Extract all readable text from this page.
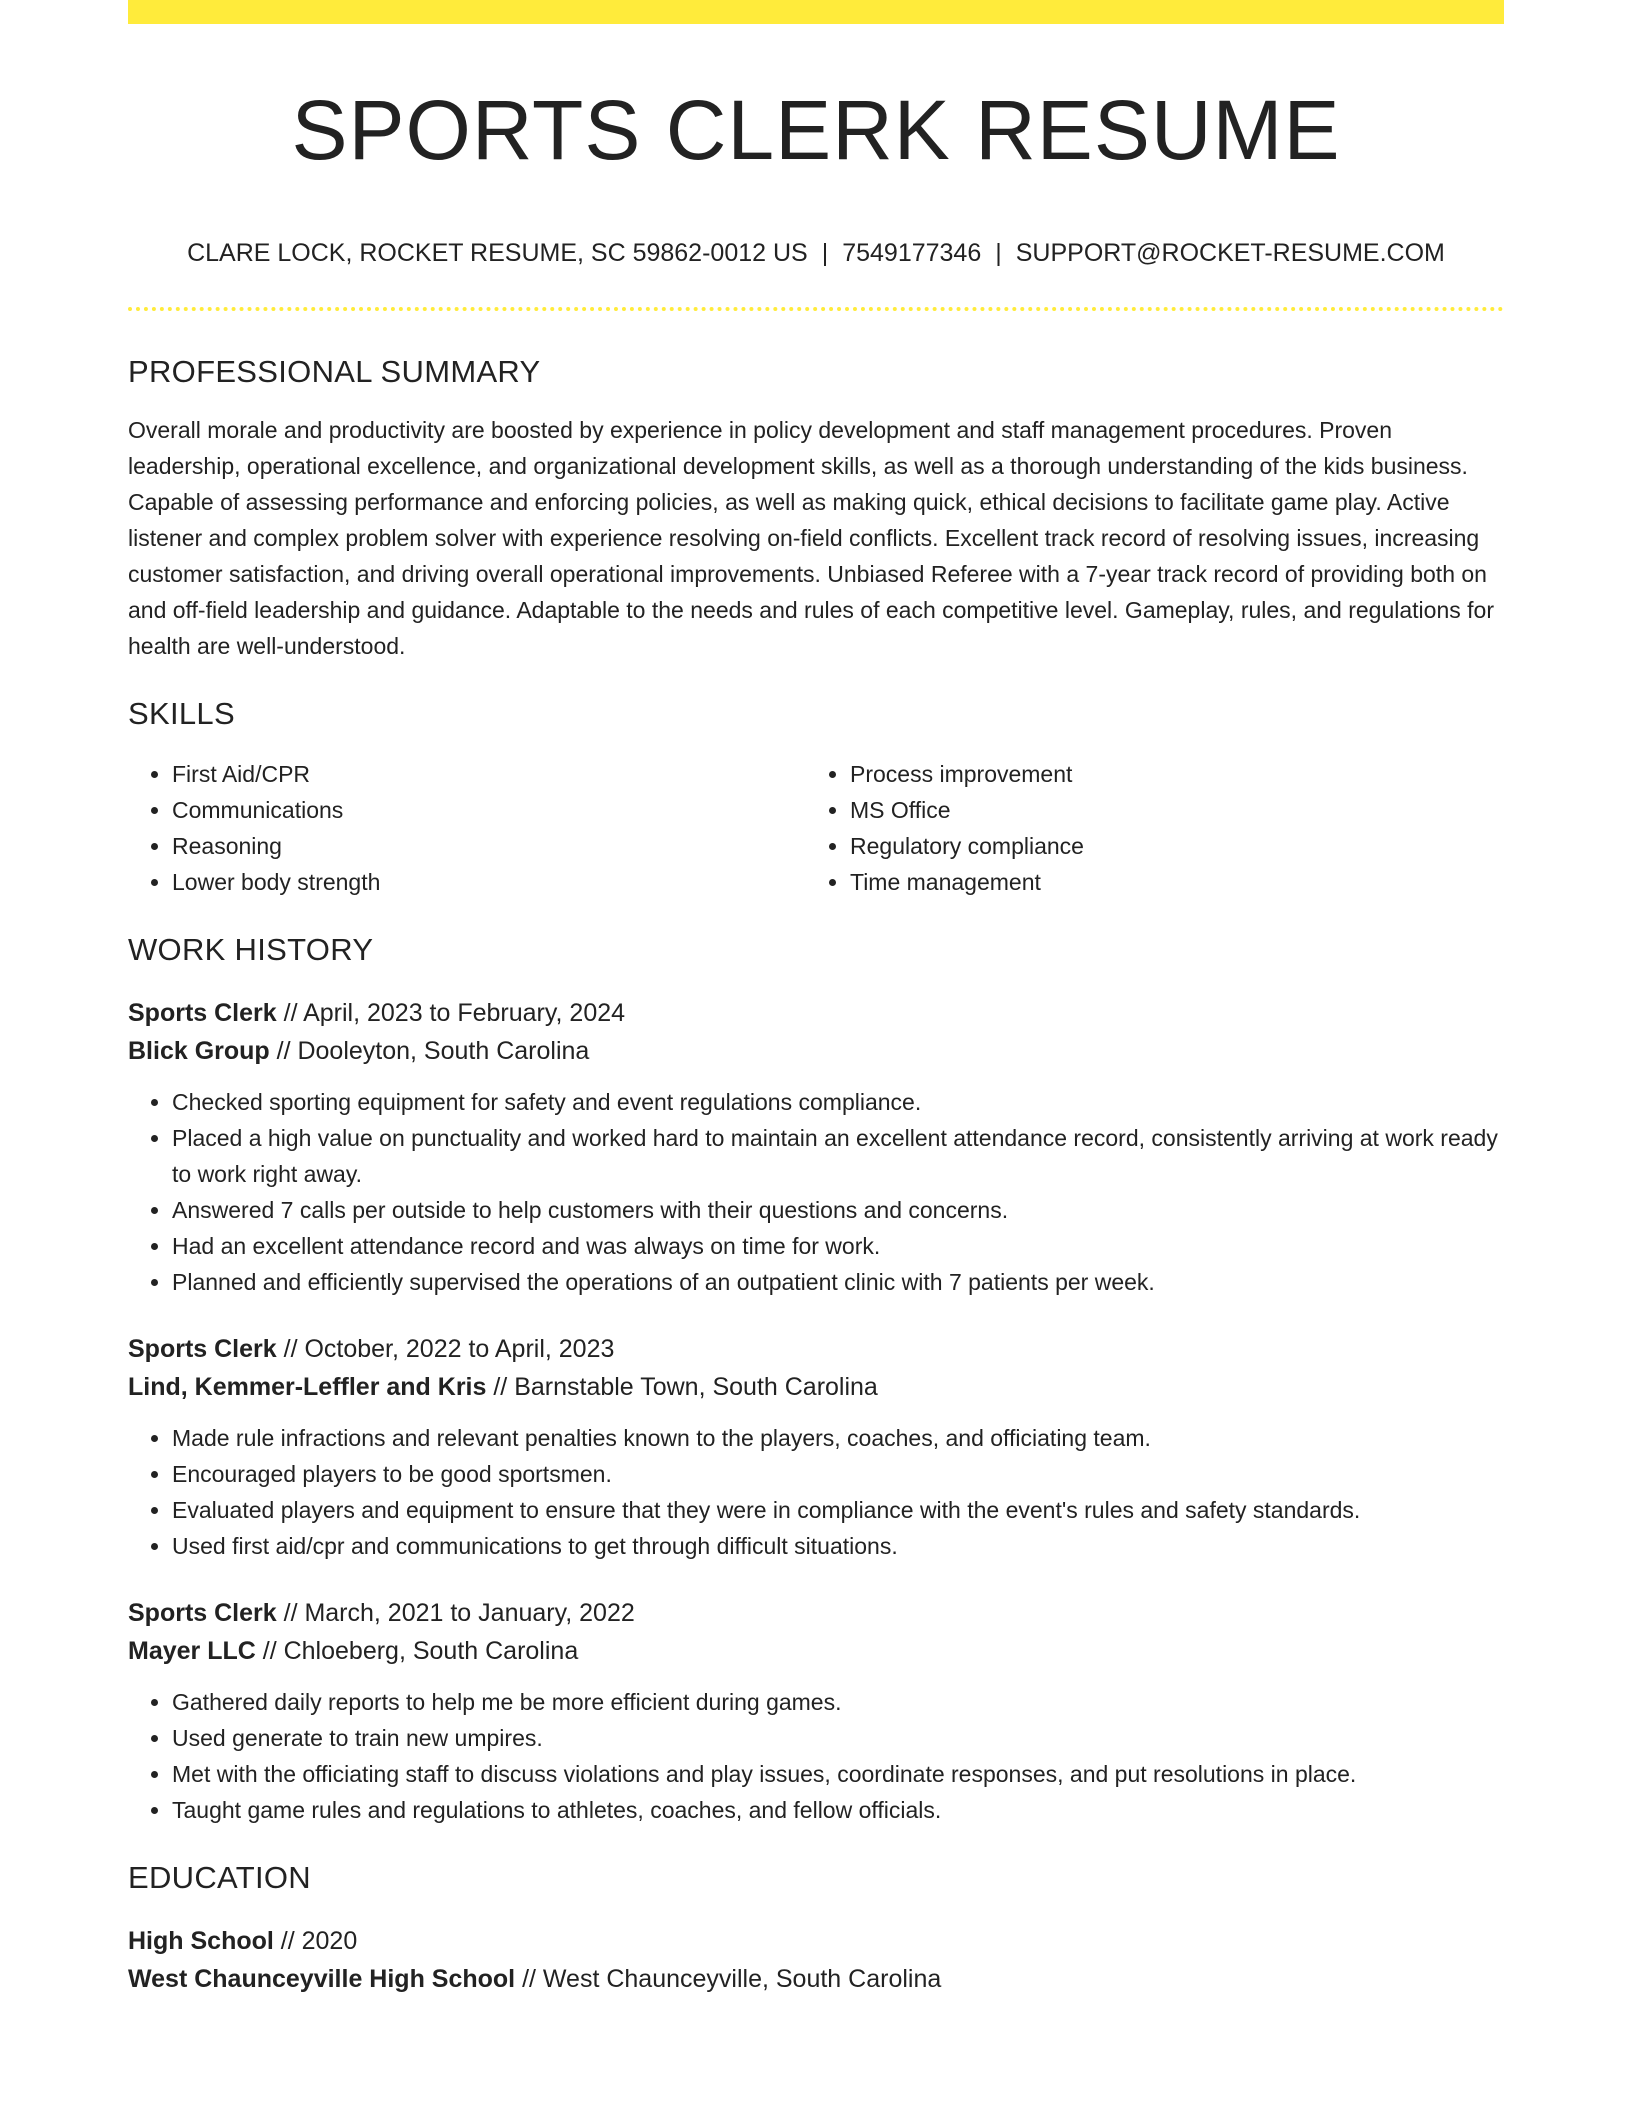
SPORTS CLERK RESUME
CLARE LOCK, ROCKET RESUME, SC 59862-0012 US | 7549177346 | SUPPORT@ROCKET-RESUME.COM
PROFESSIONAL SUMMARY

Overall morale and productivity are boosted by experience in policy development and staff management procedures. Proven leadership, operational excellence, and organizational development skills, as well as a thorough understanding of the kids business. Capable of assessing performance and enforcing policies, as well as making quick, ethical decisions to facilitate game play. Active listener and complex problem solver with experience resolving on-field conflicts. Excellent track record of resolving issues, increasing customer satisfaction, and driving overall operational improvements. Unbiased Referee with a 7-year track record of providing both on and off-field leadership and guidance. Adaptable to the needs and rules of each competitive level. Gameplay, rules, and regulations for health are well-understood.

SKILLS
• First Aid/CPR
• Communications
• Reasoning
• Lower body strength
• Process improvement
• MS Office
• Regulatory compliance
• Time management
WORK HISTORY
Sports Clerk // April, 2023 to February, 2024
Blick Group // Dooleyton, South Carolina
• Checked sporting equipment for safety and event regulations compliance.
• Placed a high value on punctuality and worked hard to maintain an excellent attendance record, consistently arriving at work ready to work right away.
• Answered 7 calls per outside to help customers with their questions and concerns.
• Had an excellent attendance record and was always on time for work.
• Planned and efficiently supervised the operations of an outpatient clinic with 7 patients per week.
Sports Clerk // October, 2022 to April, 2023
Lind, Kemmer-Leffler and Kris // Barnstable Town, South Carolina
• Made rule infractions and relevant penalties known to the players, coaches, and officiating team.
• Encouraged players to be good sportsmen.
• Evaluated players and equipment to ensure that they were in compliance with the event's rules and safety standards.
• Used first aid/cpr and communications to get through difficult situations.
Sports Clerk // March, 2021 to January, 2022
Mayer LLC // Chloeberg, South Carolina
• Gathered daily reports to help me be more efficient during games.
• Used generate to train new umpires.
• Met with the officiating staff to discuss violations and play issues, coordinate responses, and put resolutions in place.
• Taught game rules and regulations to athletes, coaches, and fellow officials.
EDUCATION
High School // 2020
West Chaunceyville High School // West Chaunceyville, South Carolina
